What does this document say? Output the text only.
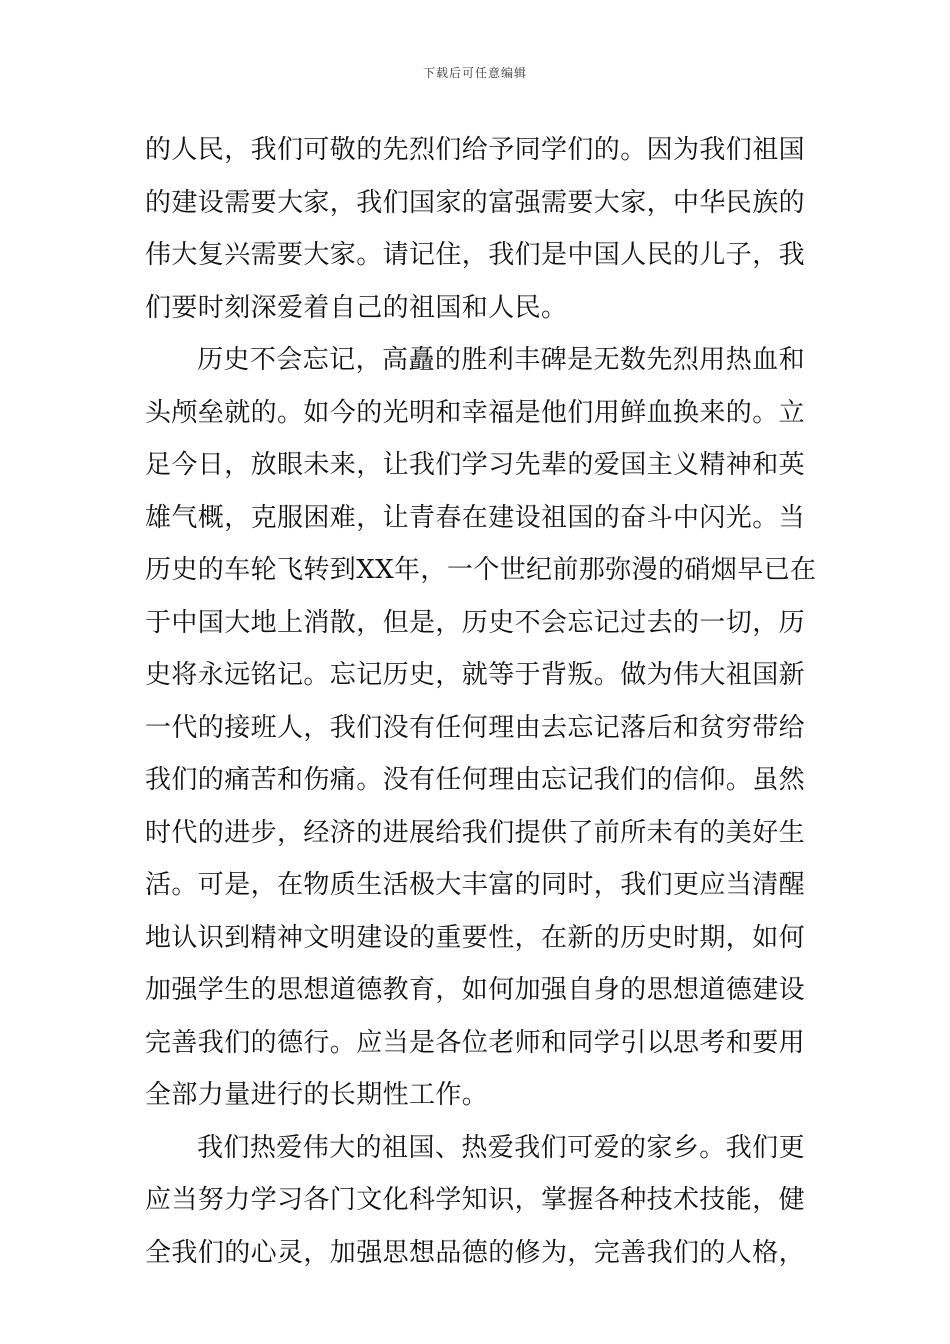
下载后可任意编辑
的人民，我们可敬的先烈们给予同学们的。因为我们祖国
的建设需要大家，我们国家的富强需要大家，中华民族的
伟大复兴需要大家。请记住，我们是中国人民的儿子，我
们要时刻深爱着自己的祖国和人民。
历史不会忘记，高矗的胜利丰碑是无数先烈用热血和
头颅垒就的。如今的光明和幸福是他们用鲜血换来的。立
足今日，放眼未来，让我们学习先辈的爱国主义精神和英
雄气概，克服困难，让青春在建设祖国的奋斗中闪光。当
历史的车轮飞转到XX年，一个世纪前那弥漫的硝烟早已在
于中国大地上消散，但是，历史不会忘记过去的一切，历
史将永远铭记。忘记历史，就等于背叛。做为伟大祖国新
一代的接班人，我们没有任何理由去忘记落后和贫穷带给
我们的痛苦和伤痛。没有任何理由忘记我们的信仰。虽然
时代的进步，经济的进展给我们提供了前所未有的美好生
活。可是，在物质生活极大丰富的同时，我们更应当清醒
地认识到精神文明建设的重要性，在新的历史时期，如何
加强学生的思想道德教育，如何加强自身的思想道德建设
完善我们的德行。应当是各位老师和同学引以思考和要用
全部力量进行的长期性工作。
我们热爱伟大的祖国、热爱我们可爱的家乡。我们更
应当努力学习各门文化科学知识，掌握各种技术技能，健
全我们的心灵，加强思想品德的修为，完善我们的人格，
